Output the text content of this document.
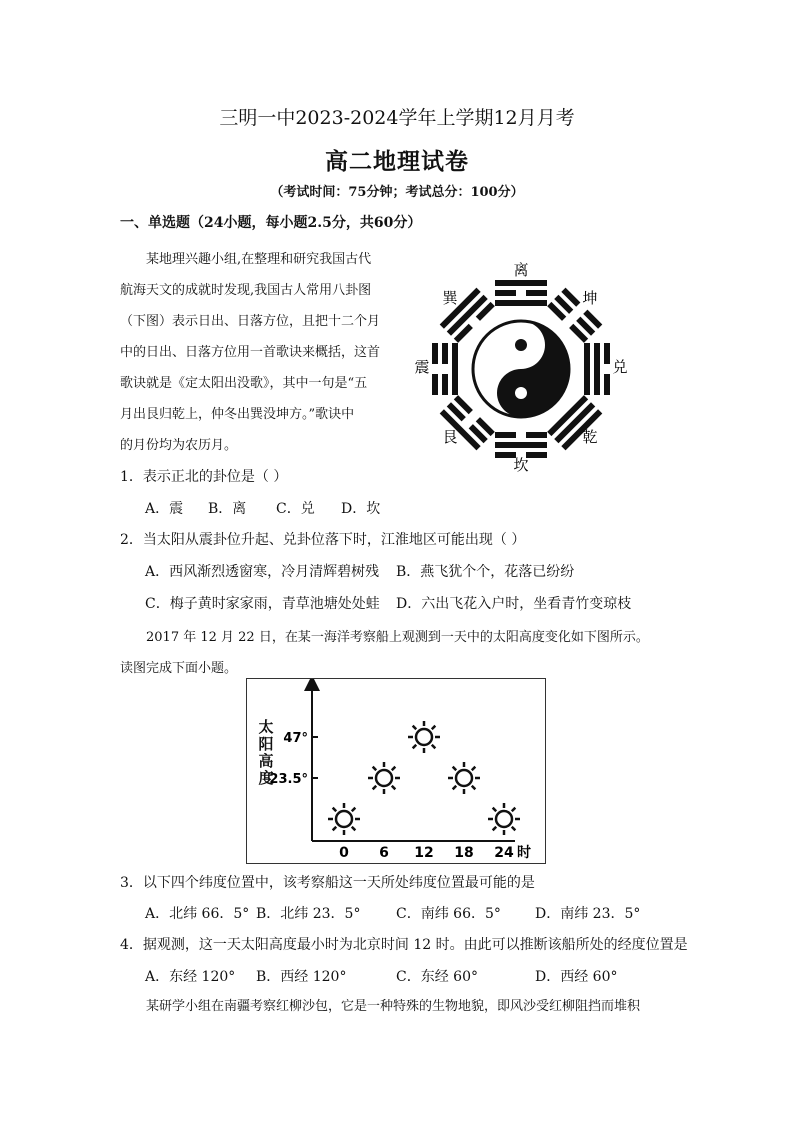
三明一中2023-2024学年上学期12月月考
高二地理试卷
（考试时间：75分钟；考试总分：100分）
一、单选题（24小题，每小题2.5分，共60分）
某地理兴趣小组,在整理和研究我国古代
航海天文的成就时发现,我国古人常用八卦图
（下图）表示日出、日落方位，且把十二个月
中的日出、日落方位用一首歌诀来概括，这首
歌诀就是《定太阳出没歌》，其中一句是“五
月出艮归乾上，仲冬出巽没坤方。”歌诀中
的月份均为农历月。
离
坤
兑
乾
坎
艮
震
巽
1．表示正北的卦位是（ ）
A．震 B．离 C．兑 D．坎
2．当太阳从震卦位升起、兑卦位落下时，江淮地区可能出现（ ）
A．西风渐烈透窗寒，冷月清辉碧树残 B．燕飞犹个个，花落已纷纷
C．梅子黄时家家雨，青草池塘处处蛙 D．六出飞花入户时，坐看青竹变琼枝
2017 年 12 月 22 日，在某一海洋考察船上观测到一天中的太阳高度变化如下图所示。
读图完成下面小题。
0 6 12 18 24
47°
23.5°
时
太阳高度
3．以下四个纬度位置中，该考察船这一天所处纬度位置最可能的是
A．北纬 66．5° B．北纬 23．5°	C．南纬 66．5° D．南纬 23．5°
4．据观测，这一天太阳高度最小时为北京时间 12 时。由此可以推断该船所处的经度位置是
A．东经 120° B．西经 120°	C．东经 60°	D．西经 60°
某研学小组在南疆考察红柳沙包，它是一种特殊的生物地貌，即风沙受红柳阻挡而堆积
